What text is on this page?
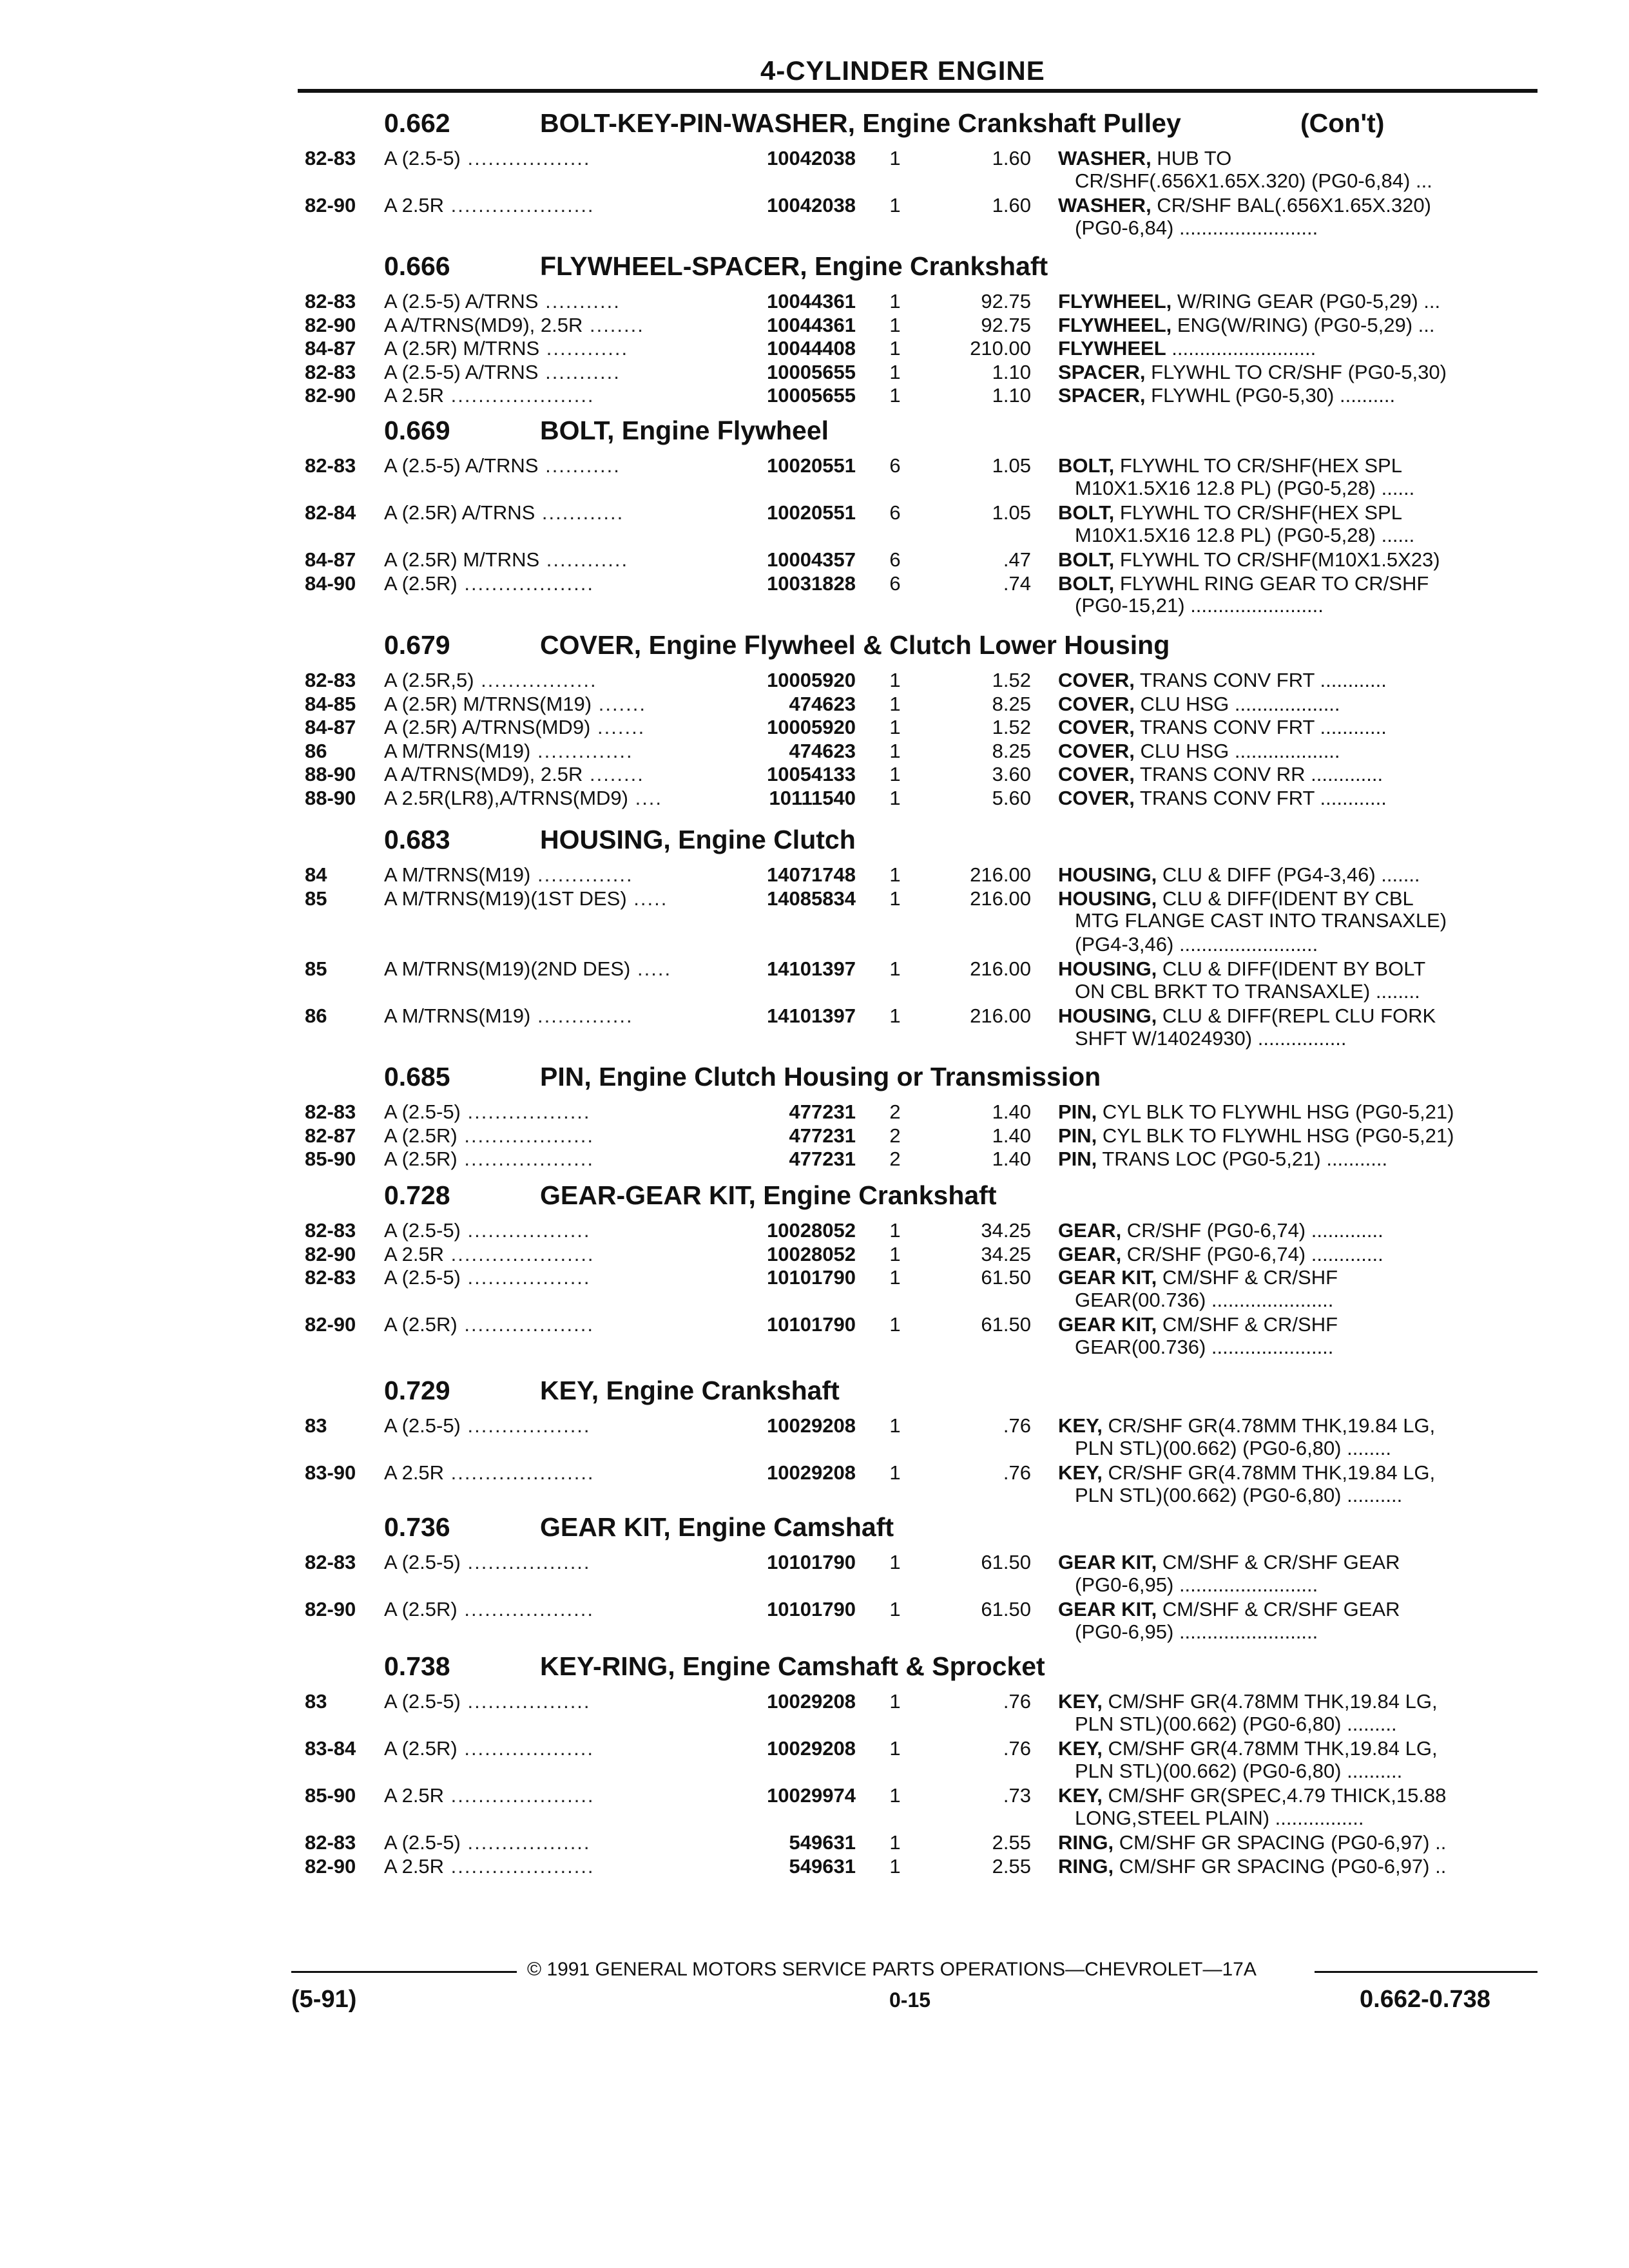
4-CYLINDER ENGINE
0.662	BOLT-KEY-PIN-WASHER, Engine Crankshaft Pulley	(Con't)
82-83 A (2.5-5) ..................	10042038 1	1.60 WASHER, HUB TO
CR/SHF(.656X1.65X.320) (PG0-6,84) ...
82-90 A 2.5R .....................	10042038 1	1.60 WASHER, CR/SHF BAL(.656X1.65X.320)
(PG0-6,84) .........................
0.666	FLYWHEEL-SPACER, Engine Crankshaft
82-83 A (2.5-5) A/TRNS ...........	10044361 1	92.75 FLYWHEEL, W/RING GEAR (PG0-5,29) ...
82-90 A A/TRNS(MD9), 2.5R ........	10044361 1	92.75 FLYWHEEL, ENG(W/RING) (PG0-5,29) ...
84-87 A (2.5R) M/TRNS ............	10044408 1	210.00 FLYWHEEL ..........................
82-83 A (2.5-5) A/TRNS ...........	10005655 1	1.10 SPACER, FLYWHL TO CR/SHF (PG0-5,30)
82-90 A 2.5R .....................	10005655 1	1.10 SPACER, FLYWHL (PG0-5,30) ..........
0.669	BOLT, Engine Flywheel
82-83 A (2.5-5) A/TRNS ...........	10020551 6	1.05 BOLT, FLYWHL TO CR/SHF(HEX SPL
M10X1.5X16 12.8 PL) (PG0-5,28) ......
82-84 A (2.5R) A/TRNS ............	10020551 6	1.05 BOLT, FLYWHL TO CR/SHF(HEX SPL
M10X1.5X16 12.8 PL) (PG0-5,28) ......
84-87 A (2.5R) M/TRNS ............	10004357 6	.47 BOLT, FLYWHL TO CR/SHF(M10X1.5X23)
84-90 A (2.5R) ...................	10031828 6	.74 BOLT, FLYWHL RING GEAR TO CR/SHF
(PG0-15,21) ........................
0.679	COVER, Engine Flywheel & Clutch Lower Housing
82-83 A (2.5R,5) .................	10005920 1	1.52 COVER, TRANS CONV FRT ............
84-85 A (2.5R) M/TRNS(M19) .......	474623 1	8.25 COVER, CLU HSG ...................
84-87 A (2.5R) A/TRNS(MD9) .......	10005920 1	1.52 COVER, TRANS CONV FRT ............
86	A M/TRNS(M19) ..............	474623 1	8.25 COVER, CLU HSG ...................
88-90 A A/TRNS(MD9), 2.5R ........	10054133 1	3.60 COVER, TRANS CONV RR .............
88-90 A 2.5R(LR8),A/TRNS(MD9) ....	10111540 1	5.60 COVER, TRANS CONV FRT ............
0.683	HOUSING, Engine Clutch
84	A M/TRNS(M19) ..............	14071748 1	216.00 HOUSING, CLU & DIFF (PG4-3,46) .......
85	A M/TRNS(M19)(1ST DES) .....	14085834 1	216.00 HOUSING, CLU & DIFF(IDENT BY CBL
MTG FLANGE CAST INTO TRANSAXLE)
(PG4-3,46) .........................
85	A M/TRNS(M19)(2ND DES) .....	14101397 1	216.00 HOUSING, CLU & DIFF(IDENT BY BOLT
ON CBL BRKT TO TRANSAXLE) ........
86	A M/TRNS(M19) ..............	14101397 1	216.00 HOUSING, CLU & DIFF(REPL CLU FORK
SHFT W/14024930) ................
0.685	PIN, Engine Clutch Housing or Transmission
82-83 A (2.5-5) ..................	477231 2	1.40 PIN, CYL BLK TO FLYWHL HSG (PG0-5,21)
82-87 A (2.5R) ...................	477231 2	1.40 PIN, CYL BLK TO FLYWHL HSG (PG0-5,21)
85-90 A (2.5R) ...................	477231 2	1.40 PIN, TRANS LOC (PG0-5,21) ...........
0.728	GEAR-GEAR KIT, Engine Crankshaft
82-83 A (2.5-5) ..................	10028052 1	34.25 GEAR, CR/SHF (PG0-6,74) .............
82-90 A 2.5R .....................	10028052 1	34.25 GEAR, CR/SHF (PG0-6,74) .............
82-83 A (2.5-5) ..................	10101790 1	61.50 GEAR KIT, CM/SHF & CR/SHF
GEAR(00.736) ......................
82-90 A (2.5R) ...................	10101790 1	61.50 GEAR KIT, CM/SHF & CR/SHF
GEAR(00.736) ......................
0.729	KEY, Engine Crankshaft
83	A (2.5-5) ..................	10029208 1	.76 KEY, CR/SHF GR(4.78MM THK,19.84 LG,
PLN STL)(00.662) (PG0-6,80) ........
83-90 A 2.5R .....................	10029208 1	.76 KEY, CR/SHF GR(4.78MM THK,19.84 LG,
PLN STL)(00.662) (PG0-6,80) ..........
0.736	GEAR KIT, Engine Camshaft
82-83 A (2.5-5) ..................	10101790 1	61.50 GEAR KIT, CM/SHF & CR/SHF GEAR
(PG0-6,95) .........................
82-90 A (2.5R) ...................	10101790 1	61.50 GEAR KIT, CM/SHF & CR/SHF GEAR
(PG0-6,95) .........................
0.738	KEY-RING, Engine Camshaft & Sprocket
83	A (2.5-5) ..................	10029208 1	.76 KEY, CM/SHF GR(4.78MM THK,19.84 LG,
PLN STL)(00.662) (PG0-6,80) .........
83-84 A (2.5R) ...................	10029208 1	.76 KEY, CM/SHF GR(4.78MM THK,19.84 LG,
PLN STL)(00.662) (PG0-6,80) ..........
85-90 A 2.5R .....................	10029974 1	.73 KEY, CM/SHF GR(SPEC,4.79 THICK,15.88
LONG,STEEL PLAIN) ................
82-83 A (2.5-5) ..................	549631 1	2.55 RING, CM/SHF GR SPACING (PG0-6,97) ..
82-90 A 2.5R .....................	549631 1	2.55 RING, CM/SHF GR SPACING (PG0-6,97) ..
© 1991 GENERAL MOTORS SERVICE PARTS OPERATIONS—CHEVROLET—17A
(5-91)	0-15	0.662-0.738
